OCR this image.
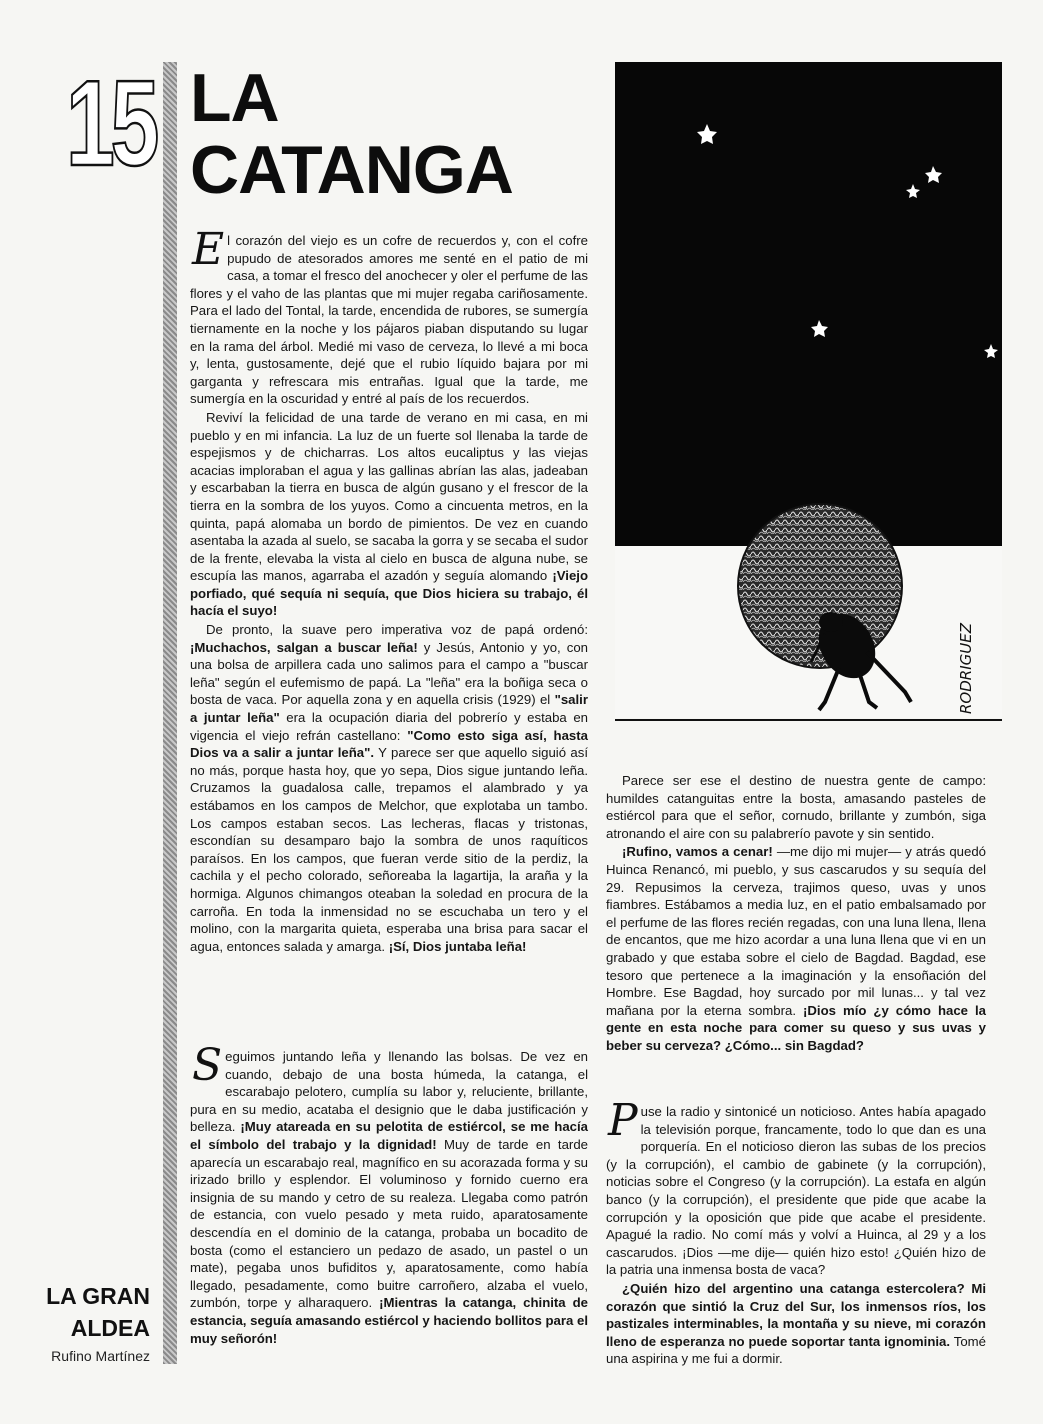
15 LA
CATANGA

El corazón del viejo es un cofre de recuerdos y, con el cofre pupudo de atesorados amores me senté en el patio de mi casa, a tomar el fresco del anochecer y oler el perfume de las flores y el vaho de las plantas que mi mujer regaba cariñosamente. Para el lado del Tontal, la tarde, encendida de rubores, se sumergía tiernamente en la noche y los pájaros piaban disputando su lugar en la rama del árbol. Medié mi vaso de cerveza, lo llevé a mi boca y, lenta, gustosamente, dejé que el rubio líquido bajara por mi garganta y refrescara mis entrañas. Igual que la tarde, me sumergía en la oscuridad y entré al país de los recuerdos.

Reviví la felicidad de una tarde de verano en mi casa, en mi pueblo y en mi infancia. La luz de un fuerte sol llenaba la tarde de espejismos y de chicharras. Los altos eucaliptus y las viejas acacias imploraban el agua y las gallinas abrían las alas, jadeaban y escarbaban la tierra en busca de algún gusano y el frescor de la tierra en la sombra de los yuyos. Como a cincuenta metros, en la quinta, papá alomaba un bordo de pimientos. De vez en cuando asentaba la azada al suelo, se sacaba la gorra y se secaba el sudor de la frente, elevaba la vista al cielo en busca de alguna nube, se escupía las manos, agarraba el azadón y seguía alomando ¡Viejo porfiado, qué sequía ni sequía, que Dios hiciera su trabajo, él hacía el suyo!

De pronto, la suave pero imperativa voz de papá ordenó: ¡Muchachos, salgan a buscar leña! y Jesús, Antonio y yo, con una bolsa de arpillera cada uno salimos para el campo a "buscar leña" según el eufemismo de papá. La "leña" era la boñiga seca o bosta de vaca. Por aquella zona y en aquella crisis (1929) el "salir a juntar leña" era la ocupación diaria del pobrerío y estaba en vigencia el viejo refrán castellano: "Como esto siga así, hasta Dios va a salir a juntar leña". Y parece ser que aquello siguió así no más, porque hasta hoy, que yo sepa, Dios sigue juntando leña. Cruzamos la guadalosa calle, trepamos el alambrado y ya estábamos en los campos de Melchor, que explotaba un tambo. Los campos estaban secos. Las lecheras, flacas y tristonas, escondían su desamparo bajo la sombra de unos raquíticos paraísos. En los campos, que fueran verde sitio de la perdiz, la cachila y el pecho colorado, señoreaba la lagartija, la araña y la hormiga. Algunos chimangos oteaban la soledad en procura de la carroña. En toda la inmensidad no se escuchaba un tero y el molino, con la margarita quieta, esperaba una brisa para sacar el agua, entonces salada y amarga. ¡Sí, Dios juntaba leña!

Seguimos juntando leña y llenando las bolsas. De vez en cuando, debajo de una bosta húmeda, la catanga, el escarabajo pelotero, cumplía su labor y, reluciente, brillante, pura en su medio, acataba el designio que le daba justificación y belleza. ¡Muy atareada en su pelotita de estiércol, se me hacía el símbolo del trabajo y la dignidad! Muy de tarde en tarde aparecía un escarabajo real, magnífico en su acorazada forma y su irizado brillo y esplendor. El voluminoso y fornido cuerno era insignia de su mando y cetro de su realeza. Llegaba como patrón de estancia, con vuelo pesado y meta ruido, aparatosamente descendía en el dominio de la catanga, probaba un bocadito de bosta (como el estanciero un pedazo de asado, un pastel o un mate), pegaba unos bufiditos y, aparatosamente, como había llegado, pesadamente, como buitre carroñero, alzaba el vuelo, zumbón, torpe y alharaquero. ¡Mientras la catanga, chinita de estancia, seguía amasando estiércol y haciendo bollitos para el muy señorón!

RODRIGUEZ

Parece ser ese el destino de nuestra gente de campo: humildes catanguitas entre la bosta, amasando pasteles de estiércol para que el señor, cornudo, brillante y zumbón, siga atronando el aire con su palabrerío pavote y sin sentido.

¡Rufino, vamos a cenar! —me dijo mi mujer— y atrás quedó Huinca Renancó, mi pueblo, y sus cascarudos y su sequía del 29. Repusimos la cerveza, trajimos queso, uvas y unos fiambres. Estábamos a media luz, en el patio embalsamado por el perfume de las flores recién regadas, con una luna llena, llena de encantos, que me hizo acordar a una luna llena que vi en un grabado y que estaba sobre el cielo de Bagdad. Bagdad, ese tesoro que pertenece a la imaginación y la ensoñación del Hombre. Ese Bagdad, hoy surcado por mil lunas... y tal vez mañana por la eterna sombra. ¡Dios mío ¿y cómo hace la gente en esta noche para comer su queso y sus uvas y beber su cerveza? ¿Cómo... sin Bagdad?

Puse la radio y sintonicé un noticioso. Antes había apagado la televisión porque, francamente, todo lo que dan es una porquería. En el noticioso dieron las subas de los precios (y la corrupción), el cambio de gabinete (y la corrupción), noticias sobre el Congreso (y la corrupción). La estafa en algún banco (y la corrupción), el presidente que pide que acabe la corrupción y la oposición que pide que acabe el presidente. Apagué la radio. No comí más y volví a Huinca, al 29 y a los cascarudos. ¡Dios —me dije— quién hizo esto! ¿Quién hizo de la patria una inmensa bosta de vaca?

¿Quién hizo del argentino una catanga estercolera? Mi corazón que sintió la Cruz del Sur, los inmensos ríos, los pastizales interminables, la montaña y su nieve, mi corazón lleno de esperanza no puede soportar tanta ignominia. Tomé una aspirina y me fui a dormir.

LA GRAN
ALDEA
Rufino Martínez
